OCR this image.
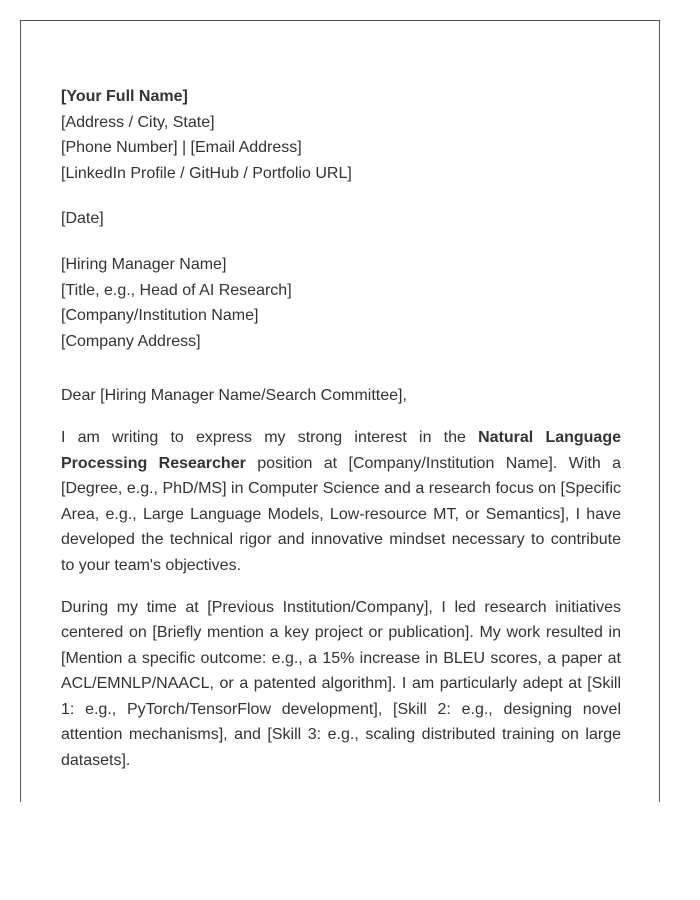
[Your Full Name]
[Address / City, State]
[Phone Number] | [Email Address]
[LinkedIn Profile / GitHub / Portfolio URL]
[Date]
[Hiring Manager Name]
[Title, e.g., Head of AI Research]
[Company/Institution Name]
[Company Address]
Dear [Hiring Manager Name/Search Committee],

I am writing to express my strong interest in the Natural Language Processing Researcher position at [Company/Institution Name]. With a [Degree, e.g., PhD/MS] in Computer Science and a research focus on [Specific Area, e.g., Large Language Models, Low-resource MT, or Semantics], I have developed the technical rigor and innovative mindset necessary to contribute to your team's objectives.

During my time at [Previous Institution/Company], I led research initiatives centered on [Briefly mention a key project or publication]. My work resulted in [Mention a specific outcome: e.g., a 15% increase in BLEU scores, a paper at ACL/EMNLP/NAACL, or a patented algorithm]. I am particularly adept at [Skill 1: e.g., PyTorch/TensorFlow development], [Skill 2: e.g., designing novel attention mechanisms], and [Skill 3: e.g., scaling distributed training on large datasets].
